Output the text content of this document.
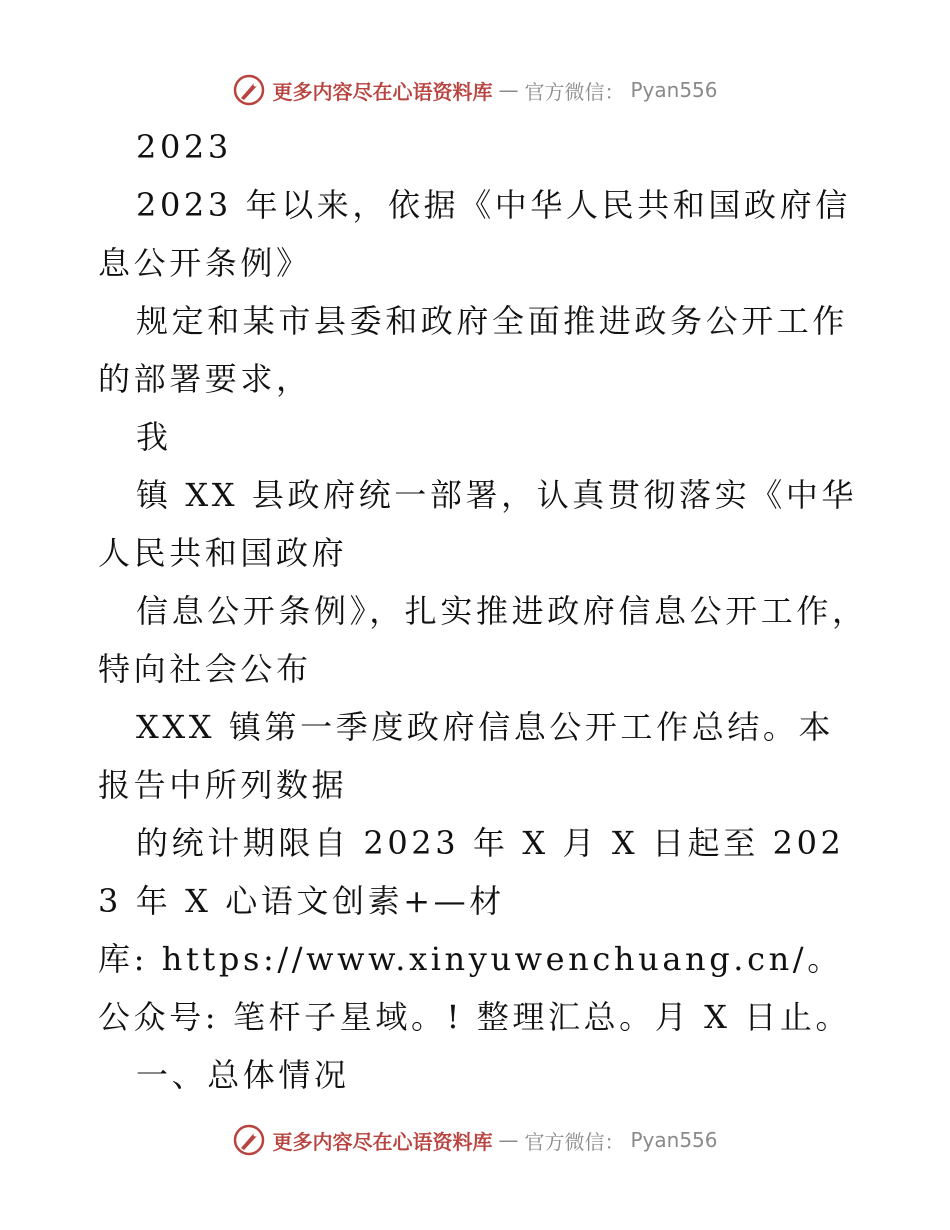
更多内容尽在心语资料库 — 官方微信： Pyan556

2023

2023 年以来，依据《中华人民共和国政府信息公开条例》

规定和某市县委和政府全面推进政务公开工作的部署要求，

我

镇 XX 县政府统一部署，认真贯彻落实《中华人民共和国政府

信息公开条例》，扎实推进政府信息公开工作，特向社会公布

XXX 镇第一季度政府信息公开工作总结。本报告中所列数据

的统计期限自 2023 年 X 月 X 日起至 2023 年 X 心语文创素+—材

库: https://www.xinyuwenchuang.cn/。公众号: 笔杆子星域。! 整理汇总。月 X 日止。

一、总体情况

更多内容尽在心语资料库 — 官方微信： Pyan556
